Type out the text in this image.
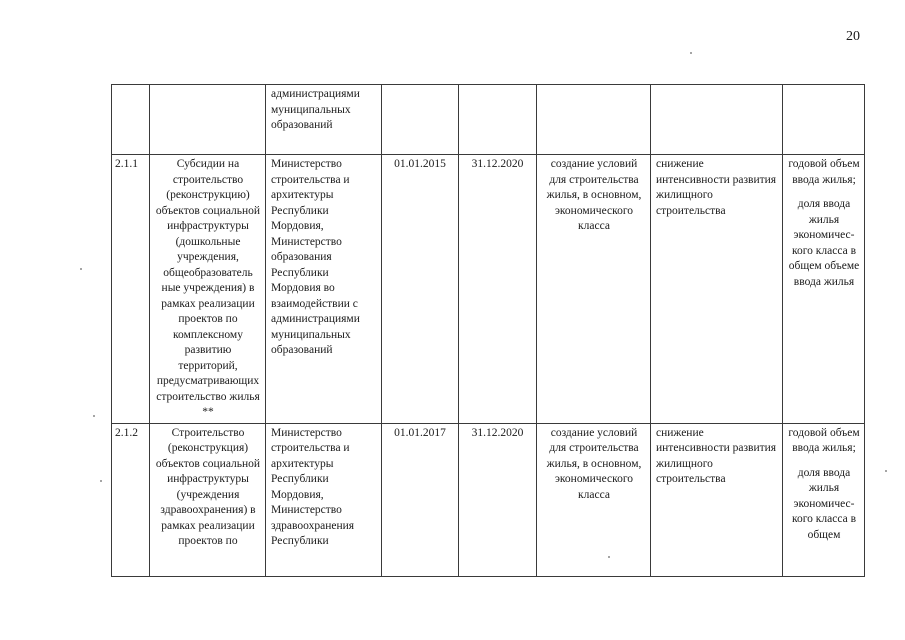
20
		администрациями муниципальных образований					
2.1.1	Субсидии на строительство (реконструкцию) объектов социальной инфраструктуры (дошкольные учреждения, общеобразователь ные учреждения) в рамках реализации проектов по комплексному развитию территорий, предусматривающих строительство жилья **	Министерство строительства и архитектуры Республики Мордовия, Министерство образования Республики Мордовия во взаимодействии с администрациями муниципальных образований	01.01.2015	31.12.2020	создание условий для строительства жилья, в основном, экономического класса	снижение интенсивности развития жилищного строительства	годовой объем ввода жилья;

доля ввода жилья экономичес-кого класса в общем объеме ввода жилья

2.1.2	Строительство (реконструкция) объектов социальной инфраструктуры (учреждения здравоохранения) в рамках реализации проектов по	Министерство строительства и архитектуры Республики Мордовия, Министерство здравоохранения Республики	01.01.2017	31.12.2020	создание условий для строительства жилья, в основном, экономического класса	снижение интенсивности развития жилищного строительства	годовой объем ввода жилья;

доля ввода жилья экономичес-кого класса в общем
